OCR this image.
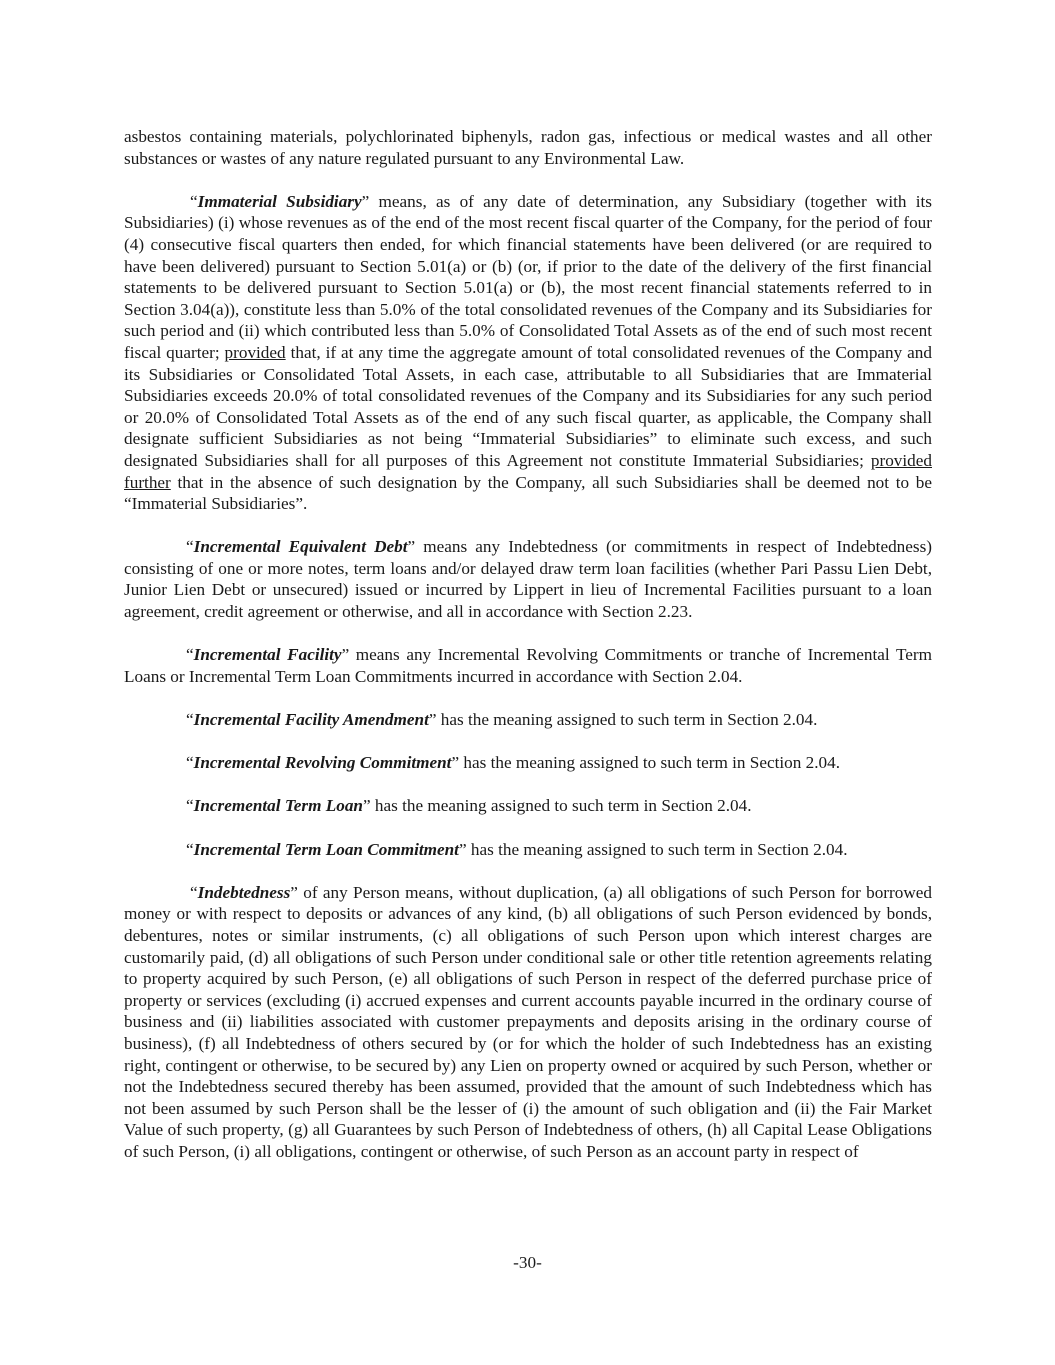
asbestos containing materials, polychlorinated biphenyls, radon gas, infectious or medical wastes and all other substances or wastes of any nature regulated pursuant to any Environmental Law.

“Immaterial Subsidiary” means, as of any date of determination, any Subsidiary (together with its Subsidiaries) (i) whose revenues as of the end of the most recent fiscal quarter of the Company, for the period of four (4) consecutive fiscal quarters then ended, for which financial statements have been delivered (or are required to have been delivered) pursuant to Section 5.01(a) or (b) (or, if prior to the date of the delivery of the first financial statements to be delivered pursuant to Section 5.01(a) or (b), the most recent financial statements referred to in Section 3.04(a)), constitute less than 5.0% of the total consolidated revenues of the Company and its Subsidiaries for such period and (ii) which contributed less than 5.0% of Consolidated Total Assets as of the end of such most recent fiscal quarter; provided that, if at any time the aggregate amount of total consolidated revenues of the Company and its Subsidiaries or Consolidated Total Assets, in each case, attributable to all Subsidiaries that are Immaterial Subsidiaries exceeds 20.0% of total consolidated revenues of the Company and its Subsidiaries for any such period or 20.0% of Consolidated Total Assets as of the end of any such fiscal quarter, as applicable, the Company shall designate sufficient Subsidiaries as not being “Immaterial Subsidiaries” to eliminate such excess, and such designated Subsidiaries shall for all purposes of this Agreement not constitute Immaterial Subsidiaries; provided further that in the absence of such designation by the Company, all such Subsidiaries shall be deemed not to be “Immaterial Subsidiaries”.

“Incremental Equivalent Debt” means any Indebtedness (or commitments in respect of Indebtedness) consisting of one or more notes, term loans and/or delayed draw term loan facilities (whether Pari Passu Lien Debt, Junior Lien Debt or unsecured) issued or incurred by Lippert in lieu of Incremental Facilities pursuant to a loan agreement, credit agreement or otherwise, and all in accordance with Section 2.23.

“Incremental Facility” means any Incremental Revolving Commitments or tranche of Incremental Term Loans or Incremental Term Loan Commitments incurred in accordance with Section 2.04.

“Incremental Facility Amendment” has the meaning assigned to such term in Section 2.04.

“Incremental Revolving Commitment” has the meaning assigned to such term in Section 2.04.

“Incremental Term Loan” has the meaning assigned to such term in Section 2.04.

“Incremental Term Loan Commitment” has the meaning assigned to such term in Section 2.04.

“Indebtedness” of any Person means, without duplication, (a) all obligations of such Person for borrowed money or with respect to deposits or advances of any kind, (b) all obligations of such Person evidenced by bonds, debentures, notes or similar instruments, (c) all obligations of such Person upon which interest charges are customarily paid, (d) all obligations of such Person under conditional sale or other title retention agreements relating to property acquired by such Person, (e) all obligations of such Person in respect of the deferred purchase price of property or services (excluding (i) accrued expenses and current accounts payable incurred in the ordinary course of business and (ii) liabilities associated with customer prepayments and deposits arising in the ordinary course of business), (f) all Indebtedness of others secured by (or for which the holder of such Indebtedness has an existing right, contingent or otherwise, to be secured by) any Lien on property owned or acquired by such Person, whether or not the Indebtedness secured thereby has been assumed, provided that the amount of such Indebtedness which has not been assumed by such Person shall be the lesser of (i) the amount of such obligation and (ii) the Fair Market Value of such property, (g) all Guarantees by such Person of Indebtedness of others, (h) all Capital Lease Obligations of such Person, (i) all obligations, contingent or otherwise, of such Person as an account party in respect of

-30-
